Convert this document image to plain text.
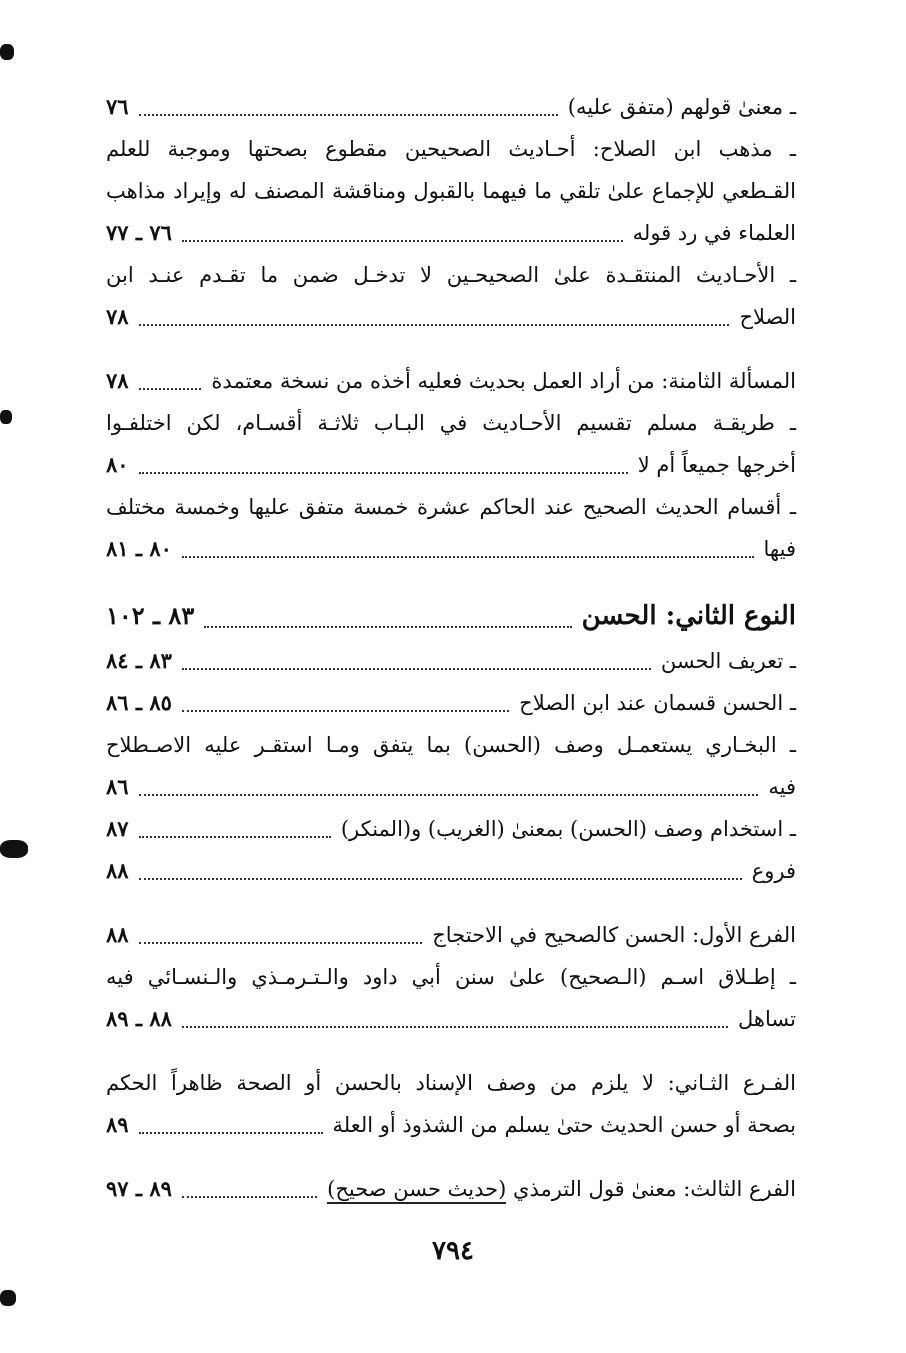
ـ معنىٰ قولهم (متفق عليه)
٧٦
ـ مذهب ابن الصلاح: أحـاديث الصحيحين مقطوع بصحتها وموجبة للعلم
القـطعي للإجماع علىٰ تلقي ما فيهما بالقبول ومناقشة المصنف له وإيراد مذاهب
العلماء في رد قوله
٧٦ ـ ٧٧
ـ الأحـاديث المنتقـدة علىٰ الصحيحـين لا تدخـل ضمن ما تقـدم عنـد ابن
الصلاح
٧٨
المسألة الثامنة: من أراد العمل بحديث فعليه أخذه من نسخة معتمدة
٧٨
ـ طريقـة مسلم تقسيم الأحـاديث في البـاب ثلاثـة أقسـام، لكن اختلفـوا
أخرجها جميعاً أم لا
٨٠
ـ أقسام الحديث الصحيح عند الحاكم عشرة خمسة متفق عليها وخمسة مختلف
فيها
٨٠ ـ ٨١
النوع الثاني: الحسن
٨٣ ـ ١٠٢
ـ تعريف الحسن
٨٣ ـ ٨٤
ـ الحسن قسمان عند ابن الصلاح
٨٥ ـ ٨٦
ـ البخـاري يستعمـل وصف (الحسن) بما يتفق ومـا استقـر عليه الاصـطلاح
فيه
٨٦
ـ استخدام وصف (الحسن) بمعنىٰ (الغريب) و(المنكر)
٨٧
فروع
٨٨
الفرع الأول: الحسن كالصحيح في الاحتجاج
٨٨
ـ إطـلاق اسـم (الـصحيح) علىٰ سنن أبي داود والـتـرمـذي والـنسـائي فيه
تساهل
٨٨ ـ ٨٩
الفـرع الثـاني: لا يلزم من وصف الإسناد بالحسن أو الصحة ظاهراً الحكم
بصحة أو حسن الحديث حتىٰ يسلم من الشذوذ أو العلة
٨٩
الفرع الثالث: معنىٰ قول الترمذي (حديث حسن صحيح)
٨٩ ـ ٩٧
٧٩٤
